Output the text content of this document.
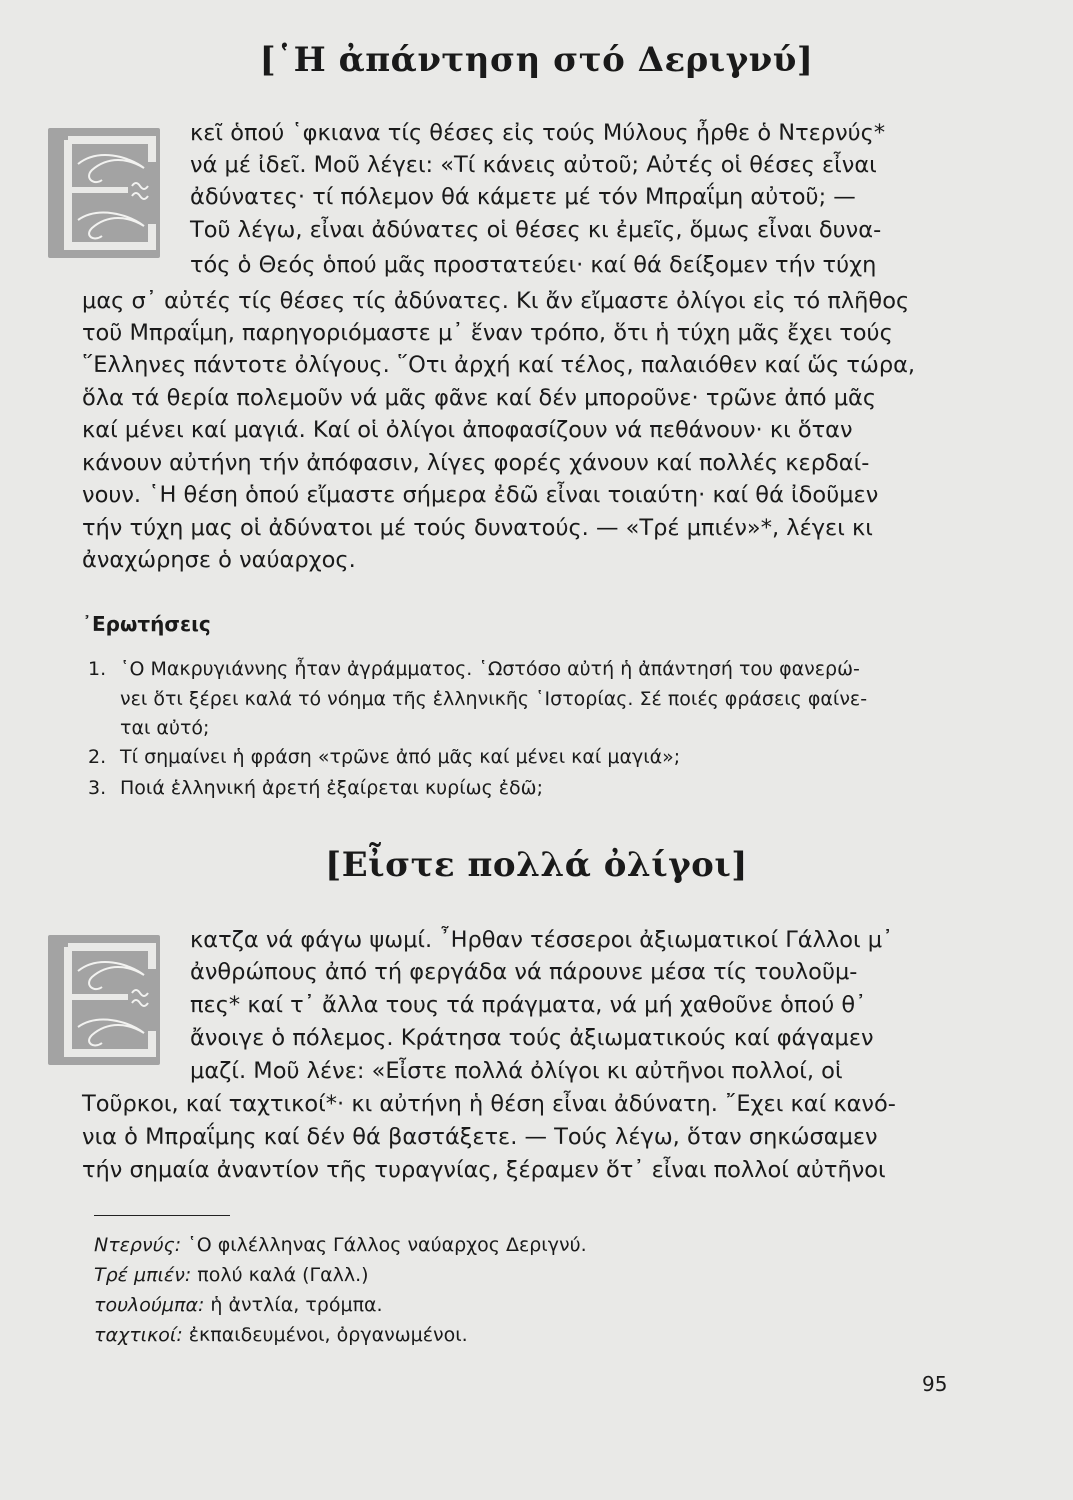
[῾Η ἀπάντηση στό Δεριγνύ]
κεῖ ὁπού ῾φκιανα τίς θέσες εἰς τούς Μύλους ἦρθε ὁ Ντερνύς*
νά μέ ἰδεῖ. Μοῦ λέγει: «Τί κάνεις αὐτοῦ; Αὐτές οἱ θέσες εἶναι
ἀδύνατες· τί πόλεμον θά κάμετε μέ τόν Μπραΐμη αὐτοῦ; —
Τοῦ λέγω, εἶναι ἀδύνατες οἱ θέσες κι ἐμεῖς, ὅμως εἶναι δυνα-
τός ὁ Θεός ὁπού μᾶς προστατεύει· καί θά δείξομεν τήν τύχη
μας σ᾿ αὐτές τίς θέσες τίς ἀδύνατες. Κι ἄν εἴμαστε ὀλίγοι εἰς τό πλῆθος
τοῦ Μπραΐμη, παρηγοριόμαστε μ᾿ ἕναν τρόπο, ὅτι ἡ τύχη μᾶς ἔχει τούς
῞Ελληνες πάντοτε ὀλίγους. ῞Οτι ἀρχή καί τέλος, παλαιόθεν καί ὥς τώρα,
ὅλα τά θερία πολεμοῦν νά μᾶς φᾶνε καί δέν μποροῦνε· τρῶνε ἀπό μᾶς
καί μένει καί μαγιά. Καί οἱ ὀλίγοι ἀποφασίζουν νά πεθάνουν· κι ὅταν
κάνουν αὐτήνη τήν ἀπόφασιν, λίγες φορές χάνουν καί πολλές κερδαί-
νουν. ῾Η θέση ὁπού εἴμαστε σήμερα ἐδῶ εἶναι τοιαύτη· καί θά ἰδοῦμεν
τήν τύχη μας οἱ ἀδύνατοι μέ τούς δυνατούς. — «Τρέ μπιέν»*, λέγει κι
ἀναχώρησε ὁ ναύαρχος.
᾿Ερωτήσεις
1. ῾Ο Μακρυγιάννης ἦταν ἀγράμματος. ῾Ωστόσο αὐτή ἡ ἀπάντησή του φανερώ-
νει ὅτι ξέρει καλά τό νόημα τῆς ἑλληνικῆς ῾Ιστορίας. Σέ ποιές φράσεις φαίνε-
ται αὐτό;
2. Τί σημαίνει ἡ φράση «τρῶνε ἀπό μᾶς καί μένει καί μαγιά»;
3. Ποιά ἑλληνική ἀρετή ἐξαίρεται κυρίως ἐδῶ;
[Εἶστε πολλά ὀλίγοι]
κατζα νά φάγω ψωμί. ῏Ηρθαν τέσσεροι ἀξιωματικοί Γάλλοι μ᾿
ἀνθρώπους ἀπό τή φεργάδα νά πάρουνε μέσα τίς τουλοῦμ-
πες* καί τ᾿ ἄλλα τους τά πράγματα, νά μή χαθοῦνε ὁπού θ᾿
ἄνοιγε ὁ πόλεμος. Κράτησα τούς ἀξιωματικούς καί φάγαμεν
μαζί. Μοῦ λένε: «Εἶστε πολλά ὀλίγοι κι αὐτῆνοι πολλοί, οἱ
Τοῦρκοι, καί ταχτικοί*· κι αὐτήνη ἡ θέση εἶναι ἀδύνατη. ῎Εχει καί κανό-
νια ὁ Μπραΐμης καί δέν θά βαστάξετε. — Τούς λέγω, ὅταν σηκώσαμεν
τήν σημαία ἀναντίον τῆς τυραγνίας, ξέραμεν ὅτ᾿ εἶναι πολλοί αὐτῆνοι
Ντερνύς: ῾Ο φιλέλληνας Γάλλος ναύαρχος Δεριγνύ.
Τρέ μπιέν: πολύ καλά (Γαλλ.)
τουλούμπα: ἡ ἀντλία, τρόμπα.
ταχτικοί: ἐκπαιδευμένοι, ὀργανωμένοι.
95
